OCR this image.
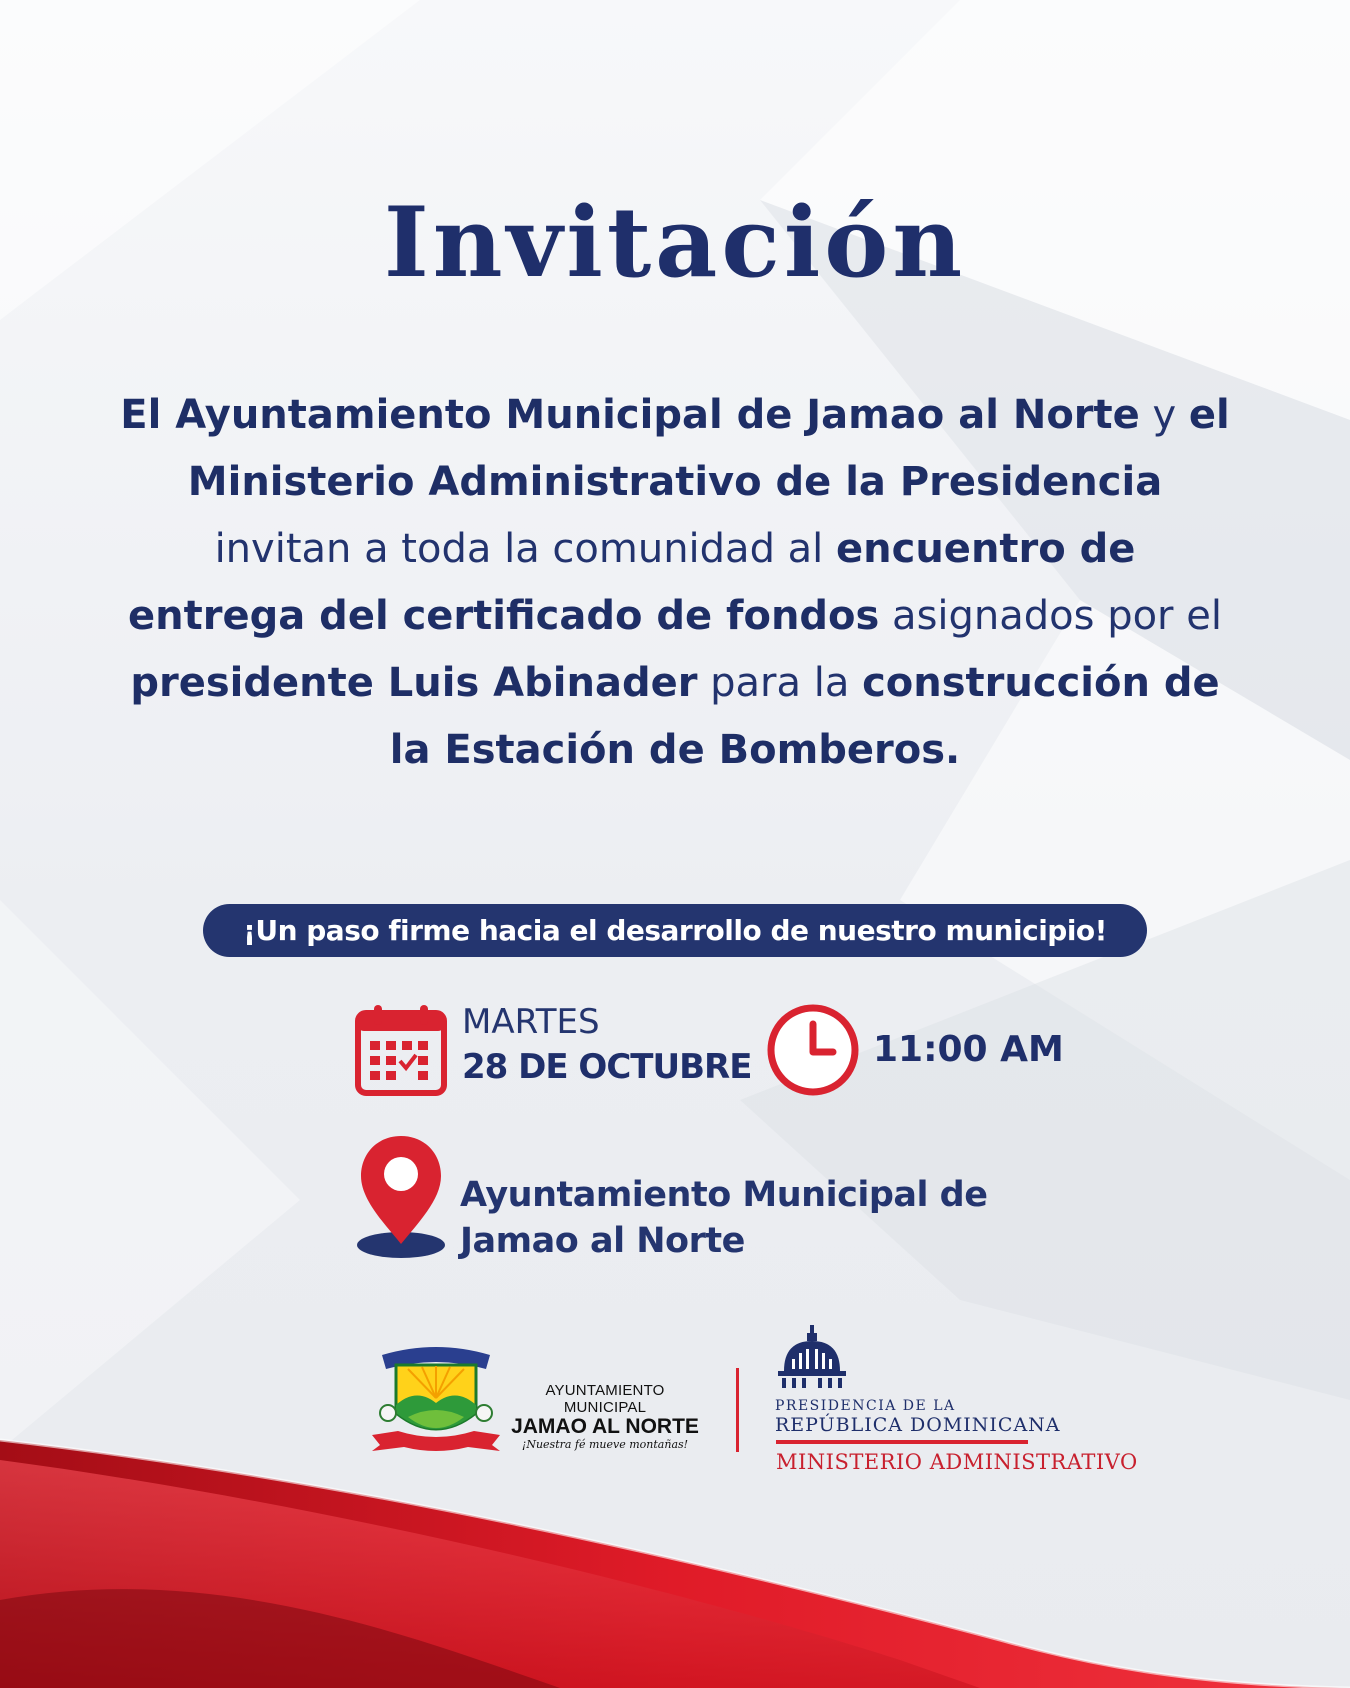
Invitación
El Ayuntamiento Municipal de Jamao al Norte y el Ministerio Administrativo de la Presidencia invitan a toda la comunidad al encuentro de entrega del certificado de fondos asignados por el presidente Luis Abinader para la construcción de la Estación de Bomberos.
¡Un paso firme hacia el desarrollo de nuestro municipio!
MARTES
28 DE OCTUBRE	11:00 AM
Ayuntamiento Municipal de
Jamao al Norte
AYUNTAMIENTO MUNICIPAL
JAMAO AL NORTE
¡Nuestra fé mueve montañas!
PRESIDENCIA DE LA
REPÚBLICA DOMINICANA
MINISTERIO ADMINISTRATIVO
